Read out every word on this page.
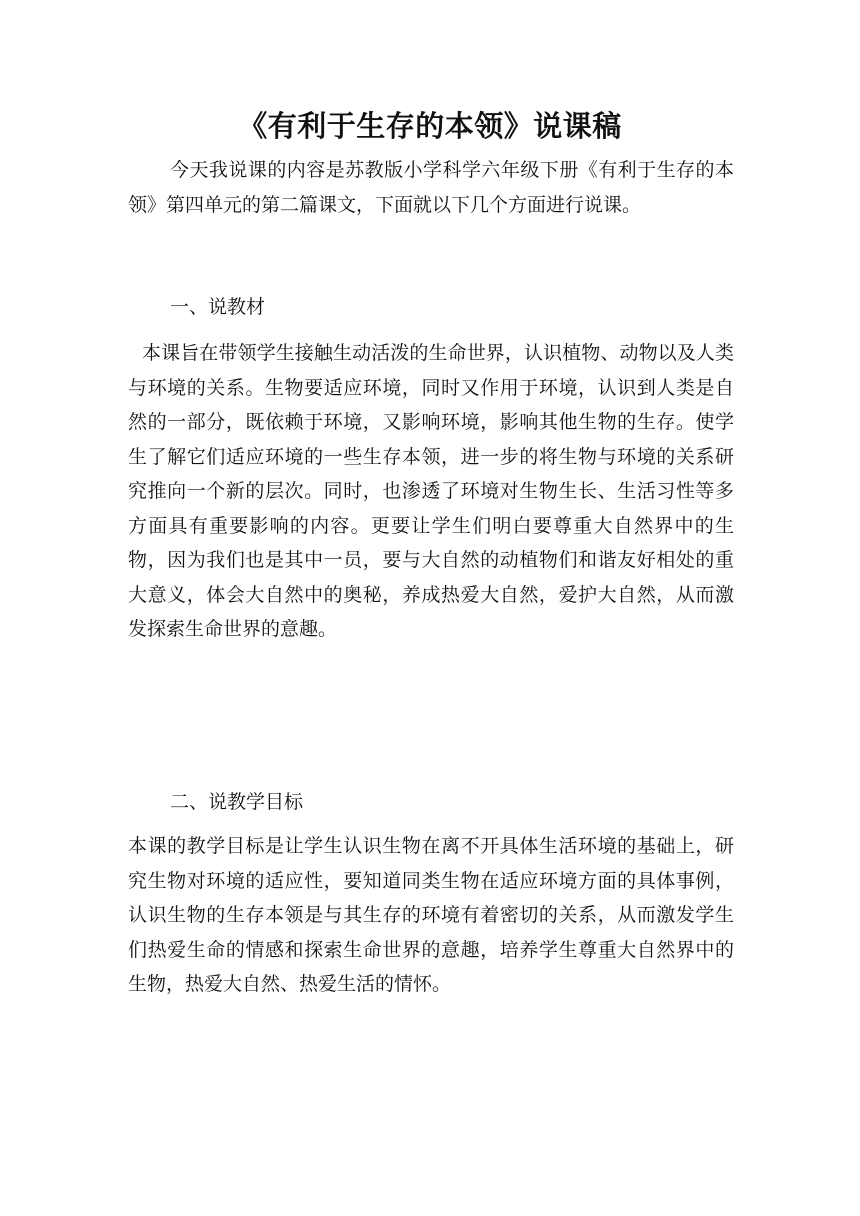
《有利于生存的本领》说课稿

今天我说课的内容是苏教版小学科学六年级下册《有利于生存的本领》第四单元的第二篇课文，下面就以下几个方面进行说课。

一、说教材

本课旨在带领学生接触生动活泼的生命世界，认识植物、动物以及人类与环境的关系。生物要适应环境，同时又作用于环境，认识到人类是自然的一部分，既依赖于环境，又影响环境，影响其他生物的生存。使学生了解它们适应环境的一些生存本领，进一步的将生物与环境的关系研究推向一个新的层次。同时，也渗透了环境对生物生长、生活习性等多方面具有重要影响的内容。更要让学生们明白要尊重大自然界中的生物，因为我们也是其中一员，要与大自然的动植物们和谐友好相处的重大意义，体会大自然中的奥秘，养成热爱大自然，爱护大自然，从而激发探索生命世界的意趣。

二、说教学目标

本课的教学目标是让学生认识生物在离不开具体生活环境的基础上，研究生物对环境的适应性，要知道同类生物在适应环境方面的具体事例，认识生物的生存本领是与其生存的环境有着密切的关系，从而激发学生们热爱生命的情感和探索生命世界的意趣，培养学生尊重大自然界中的生物，热爱大自然、热爱生活的情怀。
